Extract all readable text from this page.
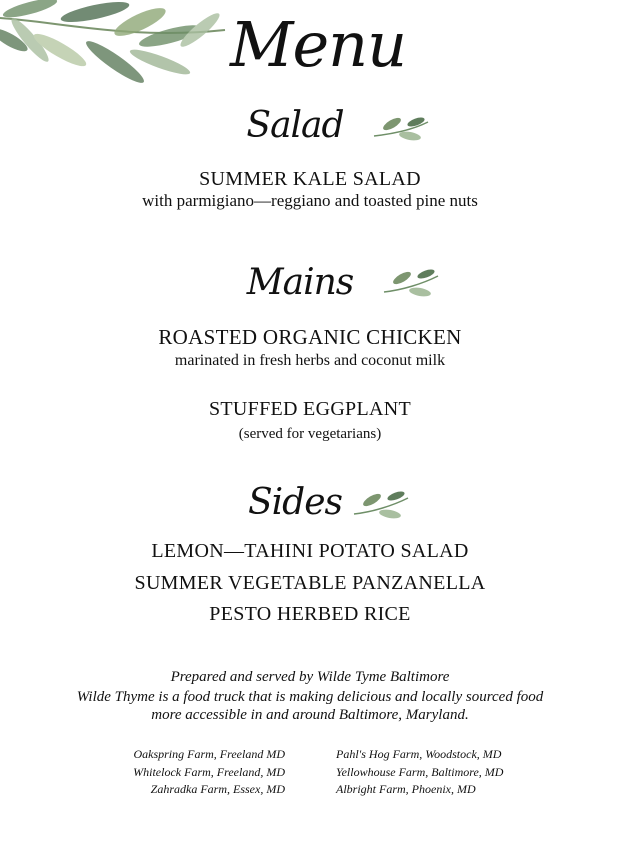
Menu
Salad
SUMMER KALE SALAD
with parmigiano—reggiano and toasted pine nuts
Mains
ROASTED ORGANIC CHICKEN
marinated in fresh herbs and coconut milk
STUFFED EGGPLANT
(served for vegetarians)
Sides
LEMON—TAHINI POTATO SALAD
SUMMER VEGETABLE PANZANELLA
PESTO HERBED RICE
Prepared and served by Wilde Tyme Baltimore
Wilde Thyme is a food truck that is making delicious and locally sourced food
more accessible in and around Baltimore, Maryland.
Oakspring Farm, Freeland MD
Whitelock Farm, Freeland, MD
Zahradka Farm, Essex, MD
Pahl's Hog Farm, Woodstock, MD
Yellowhouse Farm, Baltimore, MD
Albright Farm, Phoenix, MD
